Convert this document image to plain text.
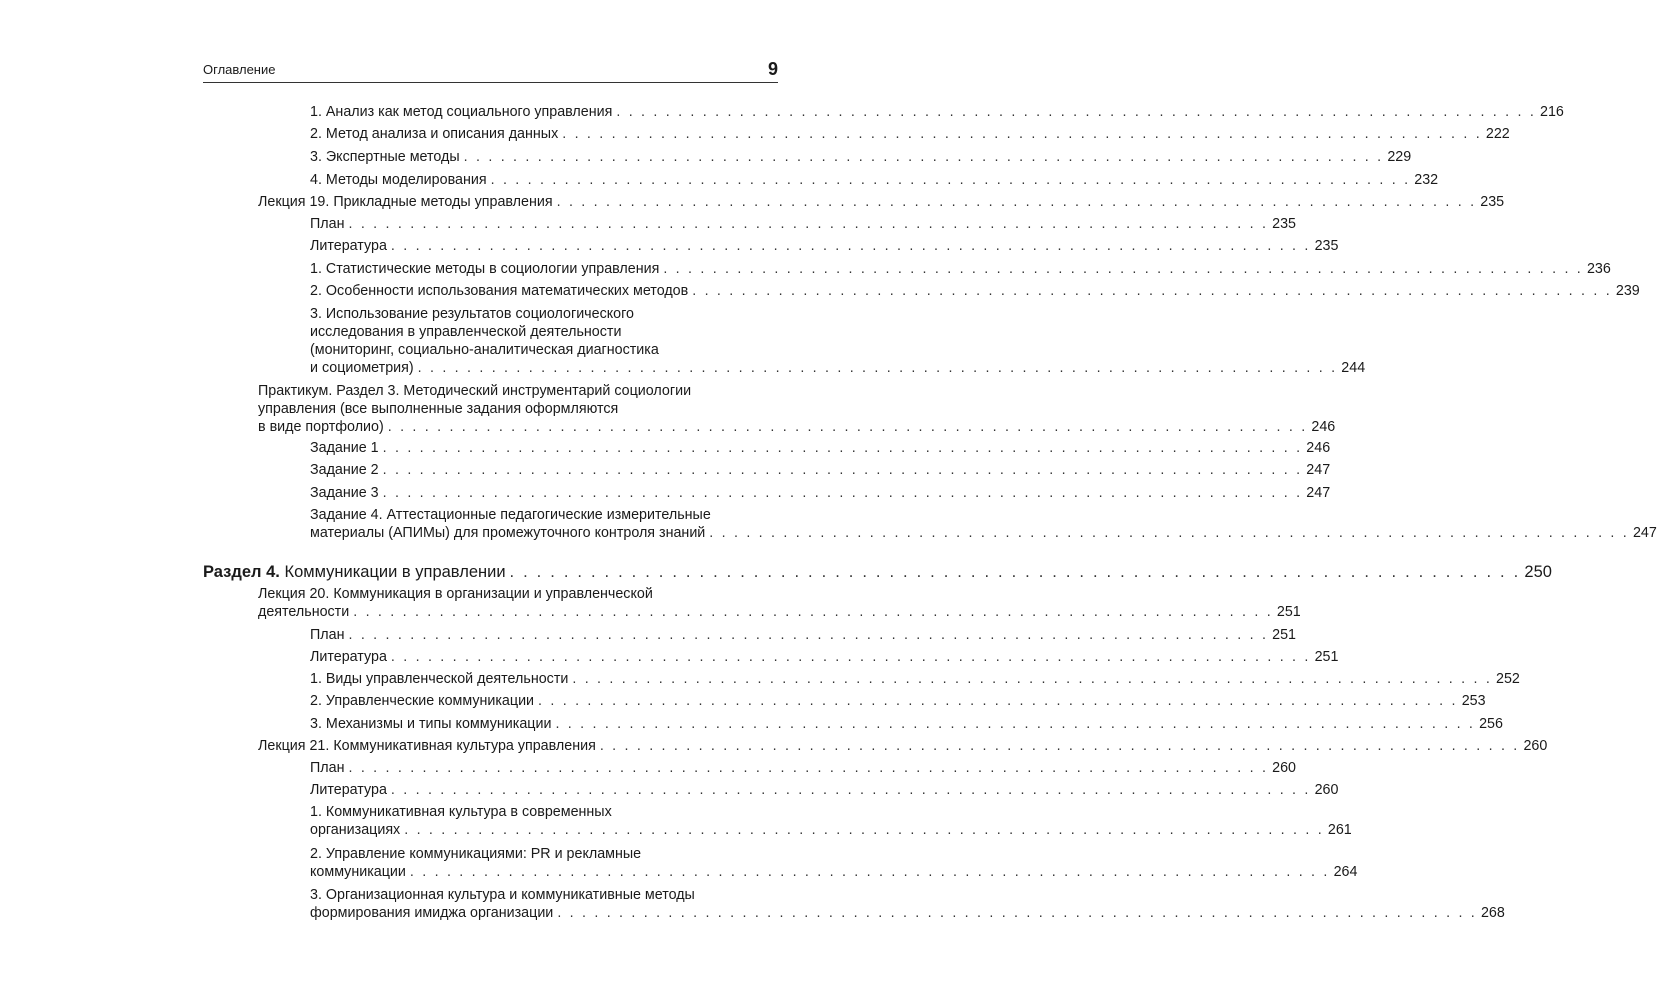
Оглавление	9
1. Анализ как метод социального управления . . . . . . . . . . . . . . . . . . . . . . . . . . . . . . . . . . . . . . . . . . . . . . . . . . . . . . . . . . . . . . . . . . . . . . . . . . . 216
2. Метод анализа и описания данных . . . . . . . . . . . . . . . . . . . . . . . . . . . . . . . . . . . . . . . . . . . . . . . . . . . . . . . . . . . . . . . . . . . . . . . . . . . 222
3. Экспертные методы . . . . . . . . . . . . . . . . . . . . . . . . . . . . . . . . . . . . . . . . . . . . . . . . . . . . . . . . . . . . . . . . . . . . . . . . . . . 229
4. Методы моделирования . . . . . . . . . . . . . . . . . . . . . . . . . . . . . . . . . . . . . . . . . . . . . . . . . . . . . . . . . . . . . . . . . . . . . . . . . . . 232
Лекция 19. Прикладные методы управления . . . . . . . . . . . . . . . . . . . . . . . . . . . . . . . . . . . . . . . . . . . . . . . . . . . . . . . . . . . . . . . . . . . . . . . . . . . 235
План . . . . . . . . . . . . . . . . . . . . . . . . . . . . . . . . . . . . . . . . . . . . . . . . . . . . . . . . . . . . . . . . . . . . . . . . . . . 235
Литература . . . . . . . . . . . . . . . . . . . . . . . . . . . . . . . . . . . . . . . . . . . . . . . . . . . . . . . . . . . . . . . . . . . . . . . . . . . 235
1. Статистические методы в социологии управления . . . . . . . . . . . . . . . . . . . . . . . . . . . . . . . . . . . . . . . . . . . . . . . . . . . . . . . . . . . . . . . . . . . . . . . . . . . 236
2. Особенности использования математических методов . . . . . . . . . . . . . . . . . . . . . . . . . . . . . . . . . . . . . . . . . . . . . . . . . . . . . . . . . . . . . . . . . . . . . . . . . . . 239
3. Использование результатов социологического
исследования в управленческой деятельности
(мониторинг, социально-аналитическая диагностика
и социометрия) . . . . . . . . . . . . . . . . . . . . . . . . . . . . . . . . . . . . . . . . . . . . . . . . . . . . . . . . . . . . . . . . . . . . . . . . . . . 244
Практикум. Раздел 3. Методический инструментарий социологии
управления (все выполненные задания оформляются
в виде портфолио) . . . . . . . . . . . . . . . . . . . . . . . . . . . . . . . . . . . . . . . . . . . . . . . . . . . . . . . . . . . . . . . . . . . . . . . . . . . 246
Задание 1 . . . . . . . . . . . . . . . . . . . . . . . . . . . . . . . . . . . . . . . . . . . . . . . . . . . . . . . . . . . . . . . . . . . . . . . . . . . 246
Задание 2 . . . . . . . . . . . . . . . . . . . . . . . . . . . . . . . . . . . . . . . . . . . . . . . . . . . . . . . . . . . . . . . . . . . . . . . . . . . 247
Задание 3 . . . . . . . . . . . . . . . . . . . . . . . . . . . . . . . . . . . . . . . . . . . . . . . . . . . . . . . . . . . . . . . . . . . . . . . . . . . 247
Задание 4. Аттестационные педагогические измерительные
материалы (АПИМы) для промежуточного контроля знаний . . . . . . . . . . . . . . . . . . . . . . . . . . . . . . . . . . . . . . . . . . . . . . . . . . . . . . . . . . . . . . . . . . . . . . . . . . . 247
Раздел 4. Коммуникации в управлении . . . . . . . . . . . . . . . . . . . . . . . . . . . . . . . . . . . . . . . . . . . . . . . . . . . . . . . . . . . . . . . . . . . . . . . . . . . 250
Лекция 20. Коммуникация в организации и управленческой
деятельности . . . . . . . . . . . . . . . . . . . . . . . . . . . . . . . . . . . . . . . . . . . . . . . . . . . . . . . . . . . . . . . . . . . . . . . . . . . 251
План . . . . . . . . . . . . . . . . . . . . . . . . . . . . . . . . . . . . . . . . . . . . . . . . . . . . . . . . . . . . . . . . . . . . . . . . . . . 251
Литература . . . . . . . . . . . . . . . . . . . . . . . . . . . . . . . . . . . . . . . . . . . . . . . . . . . . . . . . . . . . . . . . . . . . . . . . . . . 251
1. Виды управленческой деятельности . . . . . . . . . . . . . . . . . . . . . . . . . . . . . . . . . . . . . . . . . . . . . . . . . . . . . . . . . . . . . . . . . . . . . . . . . . . 252
2. Управленческие коммуникации . . . . . . . . . . . . . . . . . . . . . . . . . . . . . . . . . . . . . . . . . . . . . . . . . . . . . . . . . . . . . . . . . . . . . . . . . . . 253
3. Механизмы и типы коммуникации . . . . . . . . . . . . . . . . . . . . . . . . . . . . . . . . . . . . . . . . . . . . . . . . . . . . . . . . . . . . . . . . . . . . . . . . . . . 256
Лекция 21. Коммуникативная культура управления . . . . . . . . . . . . . . . . . . . . . . . . . . . . . . . . . . . . . . . . . . . . . . . . . . . . . . . . . . . . . . . . . . . . . . . . . . . 260
План . . . . . . . . . . . . . . . . . . . . . . . . . . . . . . . . . . . . . . . . . . . . . . . . . . . . . . . . . . . . . . . . . . . . . . . . . . . 260
Литература . . . . . . . . . . . . . . . . . . . . . . . . . . . . . . . . . . . . . . . . . . . . . . . . . . . . . . . . . . . . . . . . . . . . . . . . . . . 260
1. Коммуникативная культура в современных
организациях . . . . . . . . . . . . . . . . . . . . . . . . . . . . . . . . . . . . . . . . . . . . . . . . . . . . . . . . . . . . . . . . . . . . . . . . . . . 261
2. Управление коммуникациями: PR и рекламные
коммуникации . . . . . . . . . . . . . . . . . . . . . . . . . . . . . . . . . . . . . . . . . . . . . . . . . . . . . . . . . . . . . . . . . . . . . . . . . . . 264
3. Организационная культура и коммуникативные методы
формирования имиджа организации . . . . . . . . . . . . . . . . . . . . . . . . . . . . . . . . . . . . . . . . . . . . . . . . . . . . . . . . . . . . . . . . . . . . . . . . . . . 268
